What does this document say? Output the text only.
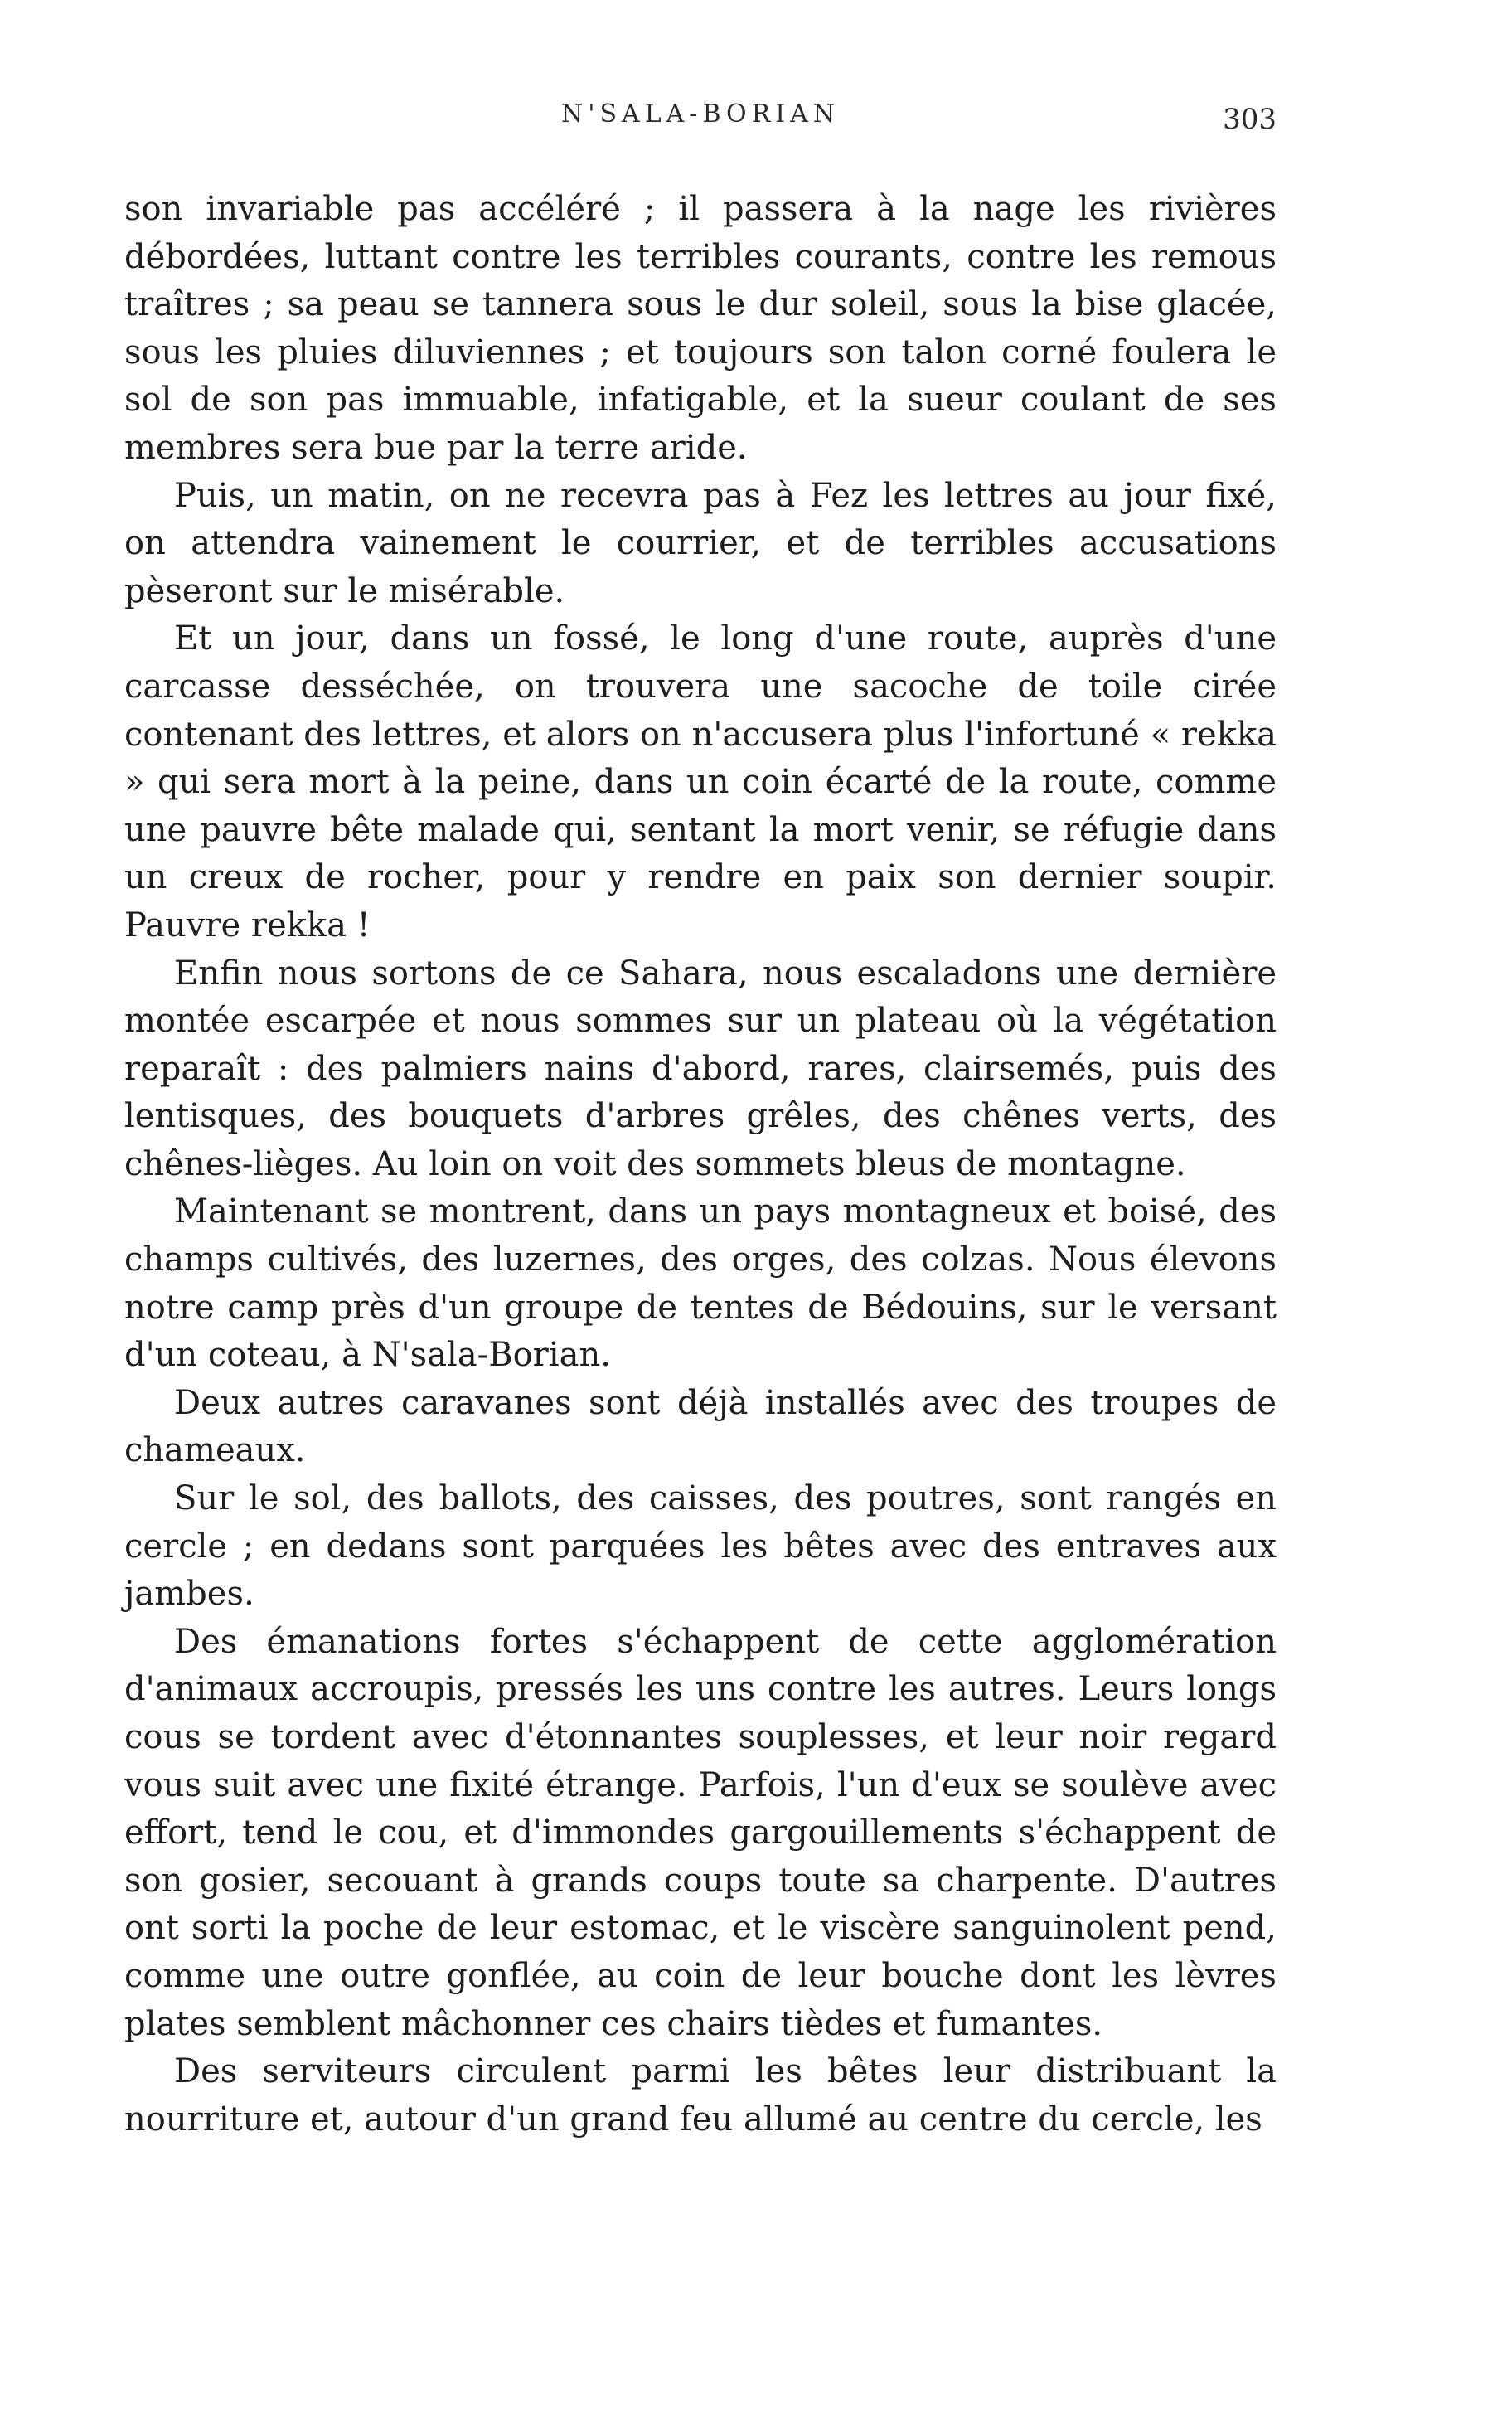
N'SALA-BORIAN	303

son invariable pas accéléré ; il passera à la nage les rivières débordées, luttant contre les terribles courants, contre les remous traîtres ; sa peau se tannera sous le dur soleil, sous la bise glacée, sous les pluies diluviennes ; et toujours son talon corné foulera le sol de son pas immuable, infatigable, et la sueur coulant de ses membres sera bue par la terre aride.

Puis, un matin, on ne recevra pas à Fez les lettres au jour fixé, on attendra vainement le courrier, et de terribles accusations pèseront sur le misérable.

Et un jour, dans un fossé, le long d'une route, auprès d'une carcasse desséchée, on trouvera une sacoche de toile cirée contenant des lettres, et alors on n'accusera plus l'infortuné « rekka » qui sera mort à la peine, dans un coin écarté de la route, comme une pauvre bête malade qui, sentant la mort venir, se réfugie dans un creux de rocher, pour y rendre en paix son dernier soupir. Pauvre rekka !

Enfin nous sortons de ce Sahara, nous escaladons une dernière montée escarpée et nous sommes sur un plateau où la végétation reparaît : des palmiers nains d'abord, rares, clairsemés, puis des lentisques, des bouquets d'arbres grêles, des chênes verts, des chênes-lièges. Au loin on voit des sommets bleus de montagne.

Maintenant se montrent, dans un pays montagneux et boisé, des champs cultivés, des luzernes, des orges, des colzas. Nous élevons notre camp près d'un groupe de tentes de Bédouins, sur le versant d'un coteau, à N'sala-Borian.

Deux autres caravanes sont déjà installés avec des troupes de chameaux.

Sur le sol, des ballots, des caisses, des poutres, sont rangés en cercle ; en dedans sont parquées les bêtes avec des entraves aux jambes.

Des émanations fortes s'échappent de cette agglomération d'animaux accroupis, pressés les uns contre les autres. Leurs longs cous se tordent avec d'étonnantes souplesses, et leur noir regard vous suit avec une fixité étrange. Parfois, l'un d'eux se soulève avec effort, tend le cou, et d'immondes gargouillements s'échappent de son gosier, secouant à grands coups toute sa charpente. D'autres ont sorti la poche de leur estomac, et le viscère sanguinolent pend, comme une outre gonflée, au coin de leur bouche dont les lèvres plates semblent mâchonner ces chairs tièdes et fumantes.

Des serviteurs circulent parmi les bêtes leur distribuant la nourriture et, autour d'un grand feu allumé au centre du cercle, les
